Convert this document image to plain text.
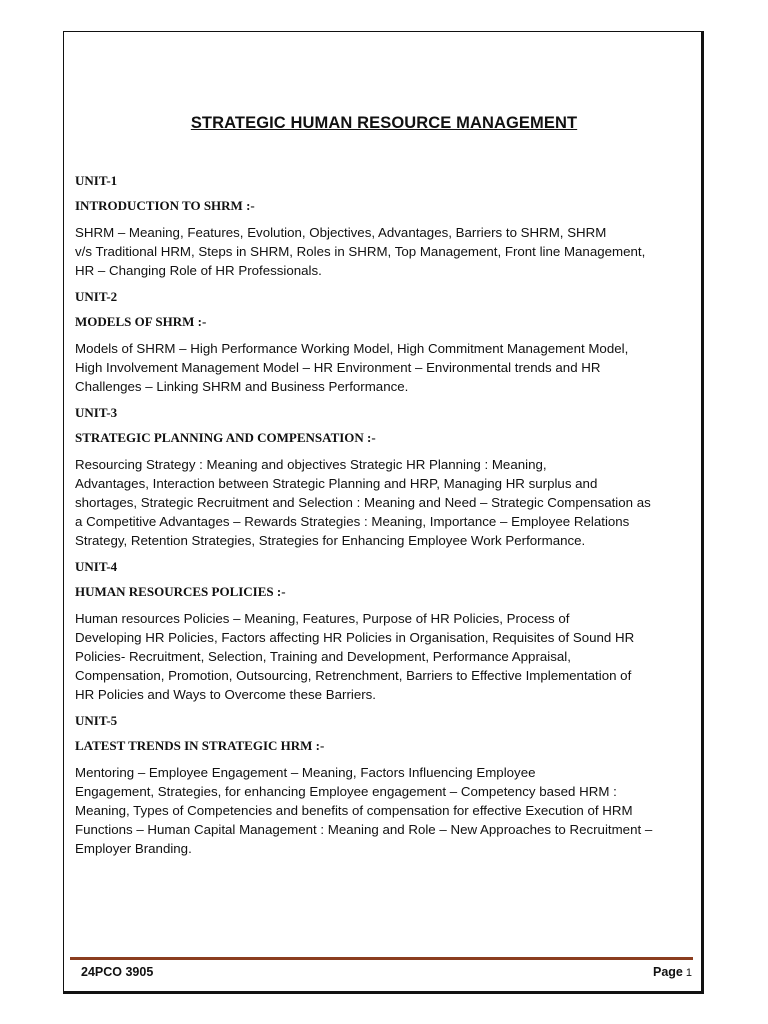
STRATEGIC HUMAN RESOURCE MANAGEMENT

UNIT-1

INTRODUCTION TO SHRM :-

SHRM – Meaning, Features, Evolution, Objectives, Advantages, Barriers to SHRM, SHRM
v/s Traditional HRM, Steps in SHRM, Roles in SHRM, Top Management, Front line Management,
HR – Changing Role of HR Professionals.

UNIT-2

MODELS OF SHRM :-

Models of SHRM – High Performance Working Model, High Commitment Management Model,
High Involvement Management Model – HR Environment – Environmental trends and HR
Challenges – Linking SHRM and Business Performance.

UNIT-3

STRATEGIC PLANNING AND COMPENSATION :-

Resourcing Strategy : Meaning and objectives Strategic HR Planning : Meaning,
Advantages, Interaction between Strategic Planning and HRP, Managing HR surplus and
shortages, Strategic Recruitment and Selection : Meaning and Need – Strategic Compensation as
a Competitive Advantages – Rewards Strategies : Meaning, Importance – Employee Relations
Strategy, Retention Strategies, Strategies for Enhancing Employee Work Performance.

UNIT-4

HUMAN RESOURCES POLICIES :-

Human resources Policies – Meaning, Features, Purpose of HR Policies, Process of
Developing HR Policies, Factors affecting HR Policies in Organisation, Requisites of Sound HR
Policies- Recruitment, Selection, Training and Development, Performance Appraisal,
Compensation, Promotion, Outsourcing, Retrenchment, Barriers to Effective Implementation of
HR Policies and Ways to Overcome these Barriers.

UNIT-5

LATEST TRENDS IN STRATEGIC HRM :-

Mentoring – Employee Engagement – Meaning, Factors Influencing Employee
Engagement, Strategies, for enhancing Employee engagement – Competency based HRM :
Meaning, Types of Competencies and benefits of compensation for effective Execution of HRM
Functions – Human Capital Management : Meaning and Role – New Approaches to Recruitment –
Employer Branding.

24PCO 3905	Page 1
